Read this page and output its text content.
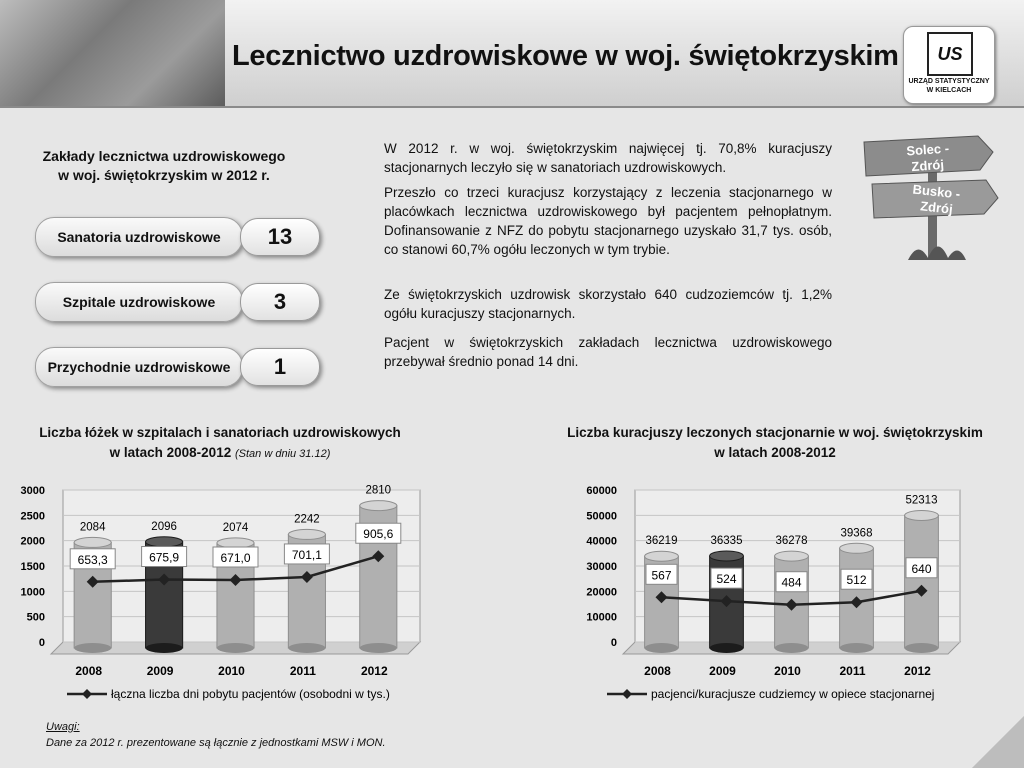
Lecznictwo uzdrowiskowe w woj. świętokrzyskim	US
URZĄD STATYSTYCZNY
W KIELCACH
Zakłady lecznictwa uzdrowiskowego
w woj. świętokrzyskim w 2012 r.
Sanatoria uzdrowiskowe	13
Szpitale uzdrowiskowe	3
Przychodnie uzdrowiskowe	1
W 2012 r. w woj. świętokrzyskim najwięcej tj. 70,8% kuracjuszy stacjonarnych leczyło się w sanatoriach uzdrowiskowych.
Przeszło co trzeci kuracjusz korzystający z leczenia stacjonarnego w placówkach lecznictwa uzdrowiskowego był pacjentem pełnopłatnym. Dofinansowanie z NFZ do pobytu stacjonarnego uzyskało 31,7 tys. osób, co stanowi 60,7% ogółu leczonych w tym trybie.
Ze świętokrzyskich uzdrowisk skorzystało 640 cudzoziemców tj. 1,2% ogółu kuracjuszy stacjonarnych.
Pacjent w świętokrzyskich zakładach lecznictwa uzdrowiskowego przebywał średnio ponad 14 dni.
Solec -
Zdrój
Busko -
Zdrój
Liczba łóżek w szpitalach i sanatoriach uzdrowiskowych
w latach 2008-2012 (Stan w dniu 31.12)
0
500
1000
1500
2000
2500
3000
2084
2008
2096
2009
2074
2010
2242
2011
2810
2012
653,3	675,9	671,0	701,1
905,6
łączna liczba dni pobytu pacjentów (osobodni w tys.)
Liczba kuracjuszy leczonych stacjonarnie w woj. świętokrzyskim
w latach 2008-2012
0
10000
20000
30000
40000
50000
60000
36219
2008
36335
2009
36278
2010
39368
2011
52313
2012
567	524	484	512
640
pacjenci/kuracjusze cudziemcy w opiece stacjonarnej
Uwagi:
Dane za 2012 r. prezentowane są łącznie z jednostkami MSW i MON.
